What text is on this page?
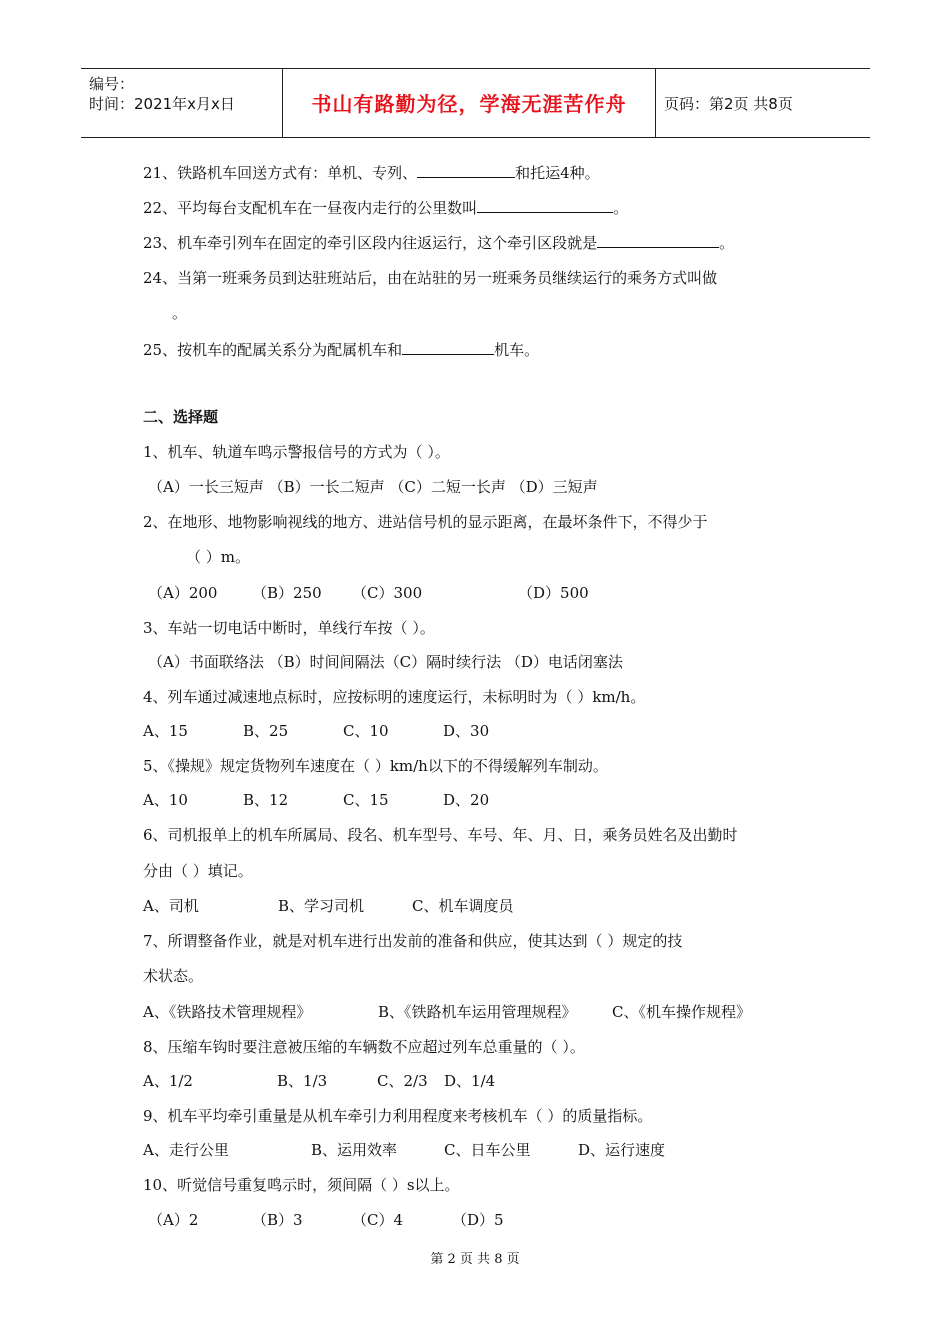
编号：
时间：2021年x月x日	书山有路勤为径，学海无涯苦作舟	页码：第2页 共8页
21、铁路机车回送方式有：单机、专列、	和托运4种。
22、平均每台支配机车在一昼夜内走行的公里数叫	。
23、机车牵引列车在固定的牵引区段内往返运行，这个牵引区段就是	。
24、当第一班乘务员到达驻班站后，由在站驻的另一班乘务员继续运行的乘务方式叫做
。
25、按机车的配属关系分为配属机车和	机车。
二、选择题
1、机车、轨道车鸣示警报信号的方式为（ ）。
（A）一长三短声 （B）一长二短声 （C）二短一长声 （D）三短声
2、在地形、地物影响视线的地方、进站信号机的显示距离，在最坏条件下，不得少于
（ ）m。
（A）200 （B）250 （C）300	（D）500
3、车站一切电话中断时，单线行车按（ ）。
（A）书面联络法 （B）时间间隔法（C）隔时续行法 （D）电话闭塞法
4、列车通过减速地点标时，应按标明的速度运行，未标明时为（ ）km/h。
A、15	B、25	C、10	D、30
5、《操规》规定货物列车速度在（ ）km/h以下的不得缓解列车制动。
A、10	B、12	C、15	D、20
6、司机报单上的机车所属局、段名、机车型号、车号、年、月、日，乘务员姓名及出勤时
分由（ ）填记。
A、司机	B、学习司机	C、机车调度员
7、所谓整备作业，就是对机车进行出发前的准备和供应，使其达到（ ）规定的技
术状态。
A、《铁路技术管理规程》	B、《铁路机车运用管理规程》 C、《机车操作规程》
8、压缩车钩时要注意被压缩的车辆数不应超过列车总重量的（ ）。
A、1/2	B、1/3	C、2/3 D、1/4
9、机车平均牵引重量是从机车牵引力利用程度来考核机车（ ）的质量指标。
A、走行公里	B、运用效率	C、日车公里	D、运行速度
10、听觉信号重复鸣示时，须间隔（ ）s以上。
（A）2	（B）3	（C）4	（D）5
第 2 页 共 8 页
